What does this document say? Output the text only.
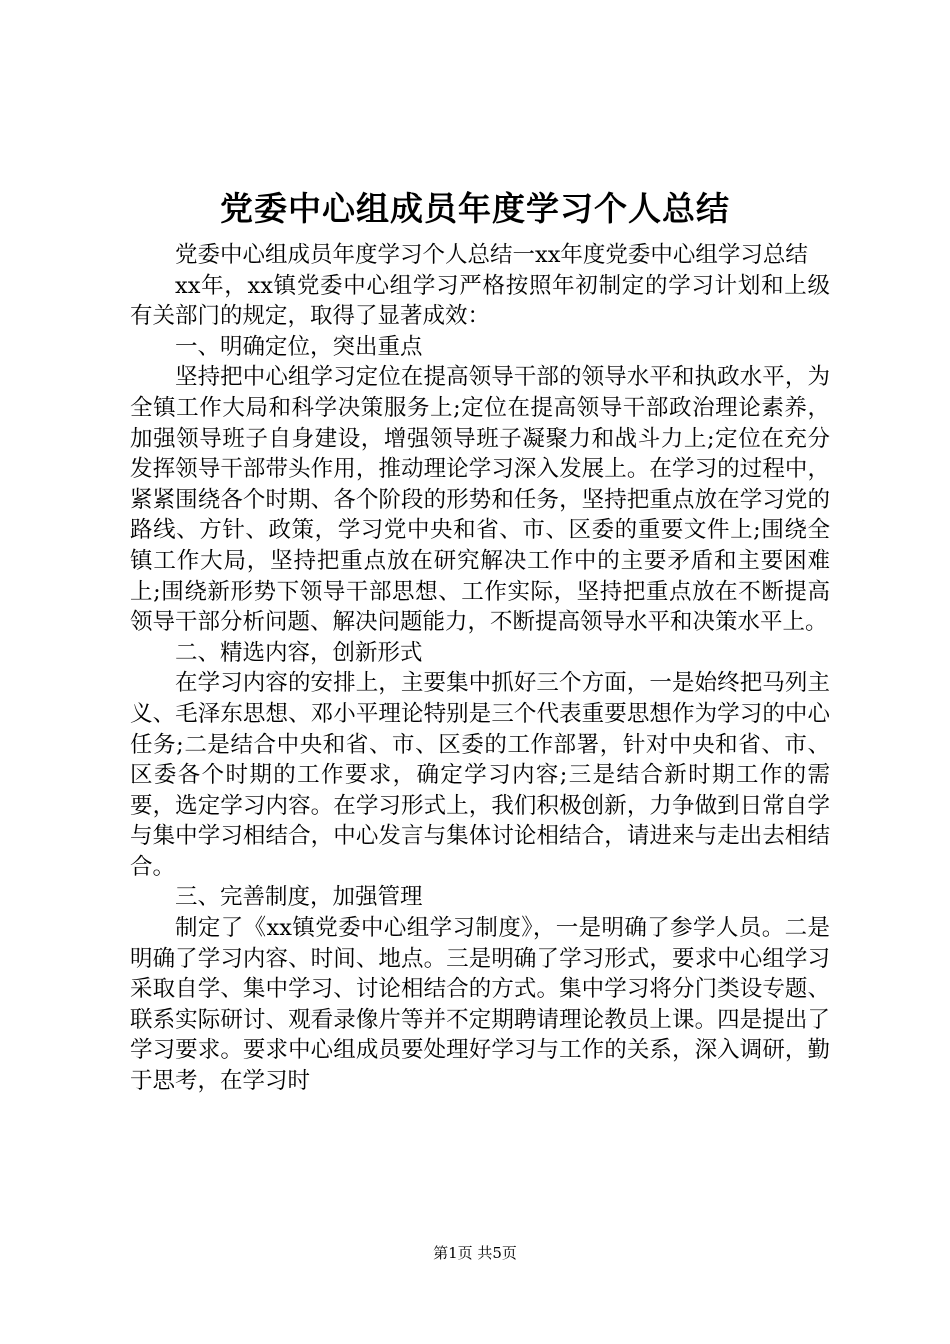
党委中心组成员年度学习个人总结

党委中心组成员年度学习个人总结一xx年度党委中心组学习总结

xx年，xx镇党委中心组学习严格按照年初制定的学习计划和上级有关部门的规定，取得了显著成效：

一、明确定位，突出重点

坚持把中心组学习定位在提高领导干部的领导水平和执政水平，为全镇工作大局和科学决策服务上;定位在提高领导干部政治理论素养，加强领导班子自身建设，增强领导班子凝聚力和战斗力上;定位在充分发挥领导干部带头作用，推动理论学习深入发展上。在学习的过程中，紧紧围绕各个时期、各个阶段的形势和任务，坚持把重点放在学习党的路线、方针、政策，学习党中央和省、市、区委的重要文件上;围绕全镇工作大局，坚持把重点放在研究解决工作中的主要矛盾和主要困难上;围绕新形势下领导干部思想、工作实际，坚持把重点放在不断提高领导干部分析问题、解决问题能力，不断提高领导水平和决策水平上。

二、精选内容，创新形式

在学习内容的安排上，主要集中抓好三个方面，一是始终把马列主义、毛泽东思想、邓小平理论特别是三个代表重要思想作为学习的中心任务;二是结合中央和省、市、区委的工作部署，针对中央和省、市、区委各个时期的工作要求，确定学习内容;三是结合新时期工作的需要，选定学习内容。在学习形式上，我们积极创新，力争做到日常自学与集中学习相结合，中心发言与集体讨论相结合，请进来与走出去相结合。

三、完善制度，加强管理

制定了《xx镇党委中心组学习制度》，一是明确了参学人员。二是明确了学习内容、时间、地点。三是明确了学习形式，要求中心组学习采取自学、集中学习、讨论相结合的方式。集中学习将分门类设专题、联系实际研讨、观看录像片等并不定期聘请理论教员上课。四是提出了学习要求。要求中心组成员要处理好学习与工作的关系，深入调研，勤于思考，在学习时

第1页 共5页
